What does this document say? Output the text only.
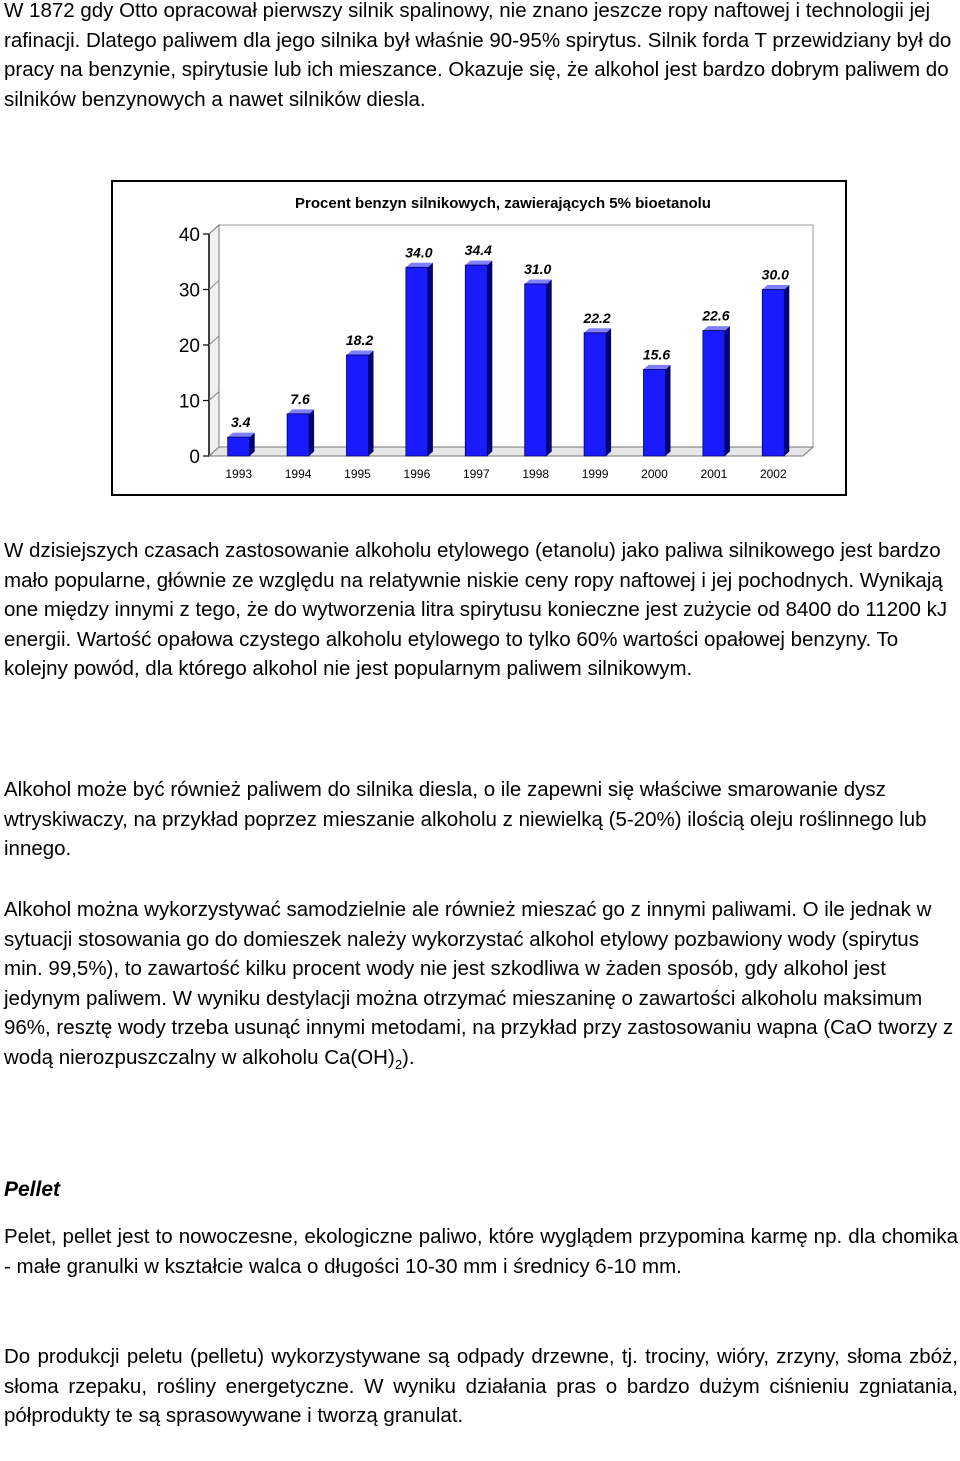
W 1872 gdy Otto opracował pierwszy silnik spalinowy, nie znano jeszcze ropy naftowej i technologii jej rafinacji. Dlatego paliwem dla jego silnika był właśnie 90-95% spirytus. Silnik forda T przewidziany był do pracy na benzynie, spirytusie lub ich mieszance. Okazuje się, że alkohol jest bardzo dobrym paliwem do silników benzynowych a nawet silników diesla.

Procent benzyn silnikowych, zawierających 5% bioetanolu
0
10
20
30
40
3.4
1993
7.6
1994
18.2
1995
34.0
1996
34.4
1997
31.0
1998
22.2
1999
15.6
2000
22.6
2001
30.0
2002

W dzisiejszych czasach zastosowanie alkoholu etylowego (etanolu) jako paliwa silnikowego jest bardzo mało popularne, głównie ze względu na relatywnie niskie ceny ropy naftowej i jej pochodnych. Wynikają one między innymi z tego, że do wytworzenia litra spirytusu konieczne jest zużycie od 8400 do 11200 kJ energii. Wartość opałowa czystego alkoholu etylowego to tylko 60% wartości opałowej benzyny. To kolejny powód, dla którego alkohol nie jest popularnym paliwem silnikowym.

Alkohol może być również paliwem do silnika diesla, o ile zapewni się właściwe smarowanie dysz wtryskiwaczy, na przykład poprzez mieszanie alkoholu z niewielką (5-20%) ilością oleju roślinnego lub innego.

Alkohol można wykorzystywać samodzielnie ale również mieszać go z innymi paliwami. O ile jednak w sytuacji stosowania go do domieszek należy wykorzystać alkohol etylowy pozbawiony wody (spirytus min. 99,5%), to zawartość kilku procent wody nie jest szkodliwa w żaden sposób, gdy alkohol jest jedynym paliwem. W wyniku destylacji można otrzymać mieszaninę o zawartości alkoholu maksimum 96%, resztę wody trzeba usunąć innymi metodami, na przykład przy zastosowaniu wapna (CaO tworzy z wodą nierozpuszczalny w alkoholu $Ca(OH)_2$).

Pellet

Pelet, pellet jest to nowoczesne, ekologiczne paliwo, które wyglądem przypomina karmę np. dla chomika - małe granulki w kształcie walca o długości 10-30 mm i średnicy 6-10 mm.

Do produkcji peletu (pelletu) wykorzystywane są odpady drzewne, tj. trociny, wióry, zrzyny, słoma zbóż, słoma rzepaku, rośliny energetyczne. W wyniku działania pras o bardzo dużym ciśnieniu zgniatania, półprodukty te są sprasowywane i tworzą granulat.
